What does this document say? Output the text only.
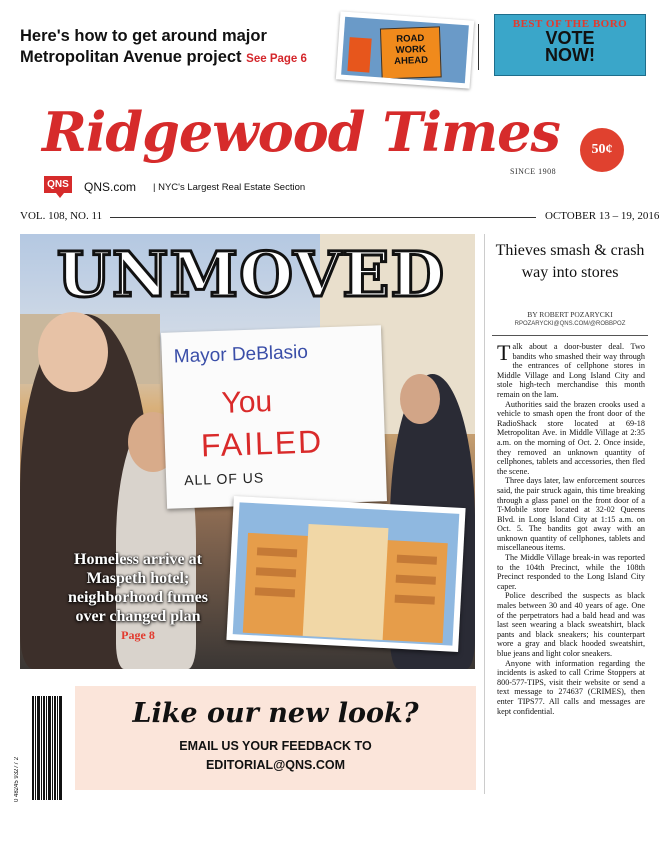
Here's how to get around major Metropolitan Avenue project See Page 6
ROAD WORK AHEAD
BEST OF THE BORO
VOTE
NOW!
Ridgewood Times	50¢
SINCE 1908
QNS QNS.com | NYC's Largest Real Estate Section
VOL. 108, NO. 11	OCTOBER 13 – 19, 2016
UNMOVED
Mayor DeBlasio
You
FAILED
ALL OF US
Homeless arrive at Maspeth hotel; neighborhood fumes over changed plan
Page 8
Thieves smash & crash way into stores
BY ROBERT POZARYCKI
RPOZARYCKI@QNS.COM/@ROBBPOZ

Talk about a door-buster deal. Two bandits who smashed their way through the entrances of cellphone stores in Middle Village and Long Island City and stole high-tech merchandise this month remain on the lam.

Authorities said the brazen crooks used a vehicle to smash open the front door of the RadioShack store located at 69-18 Metropolitan Ave. in Middle Village at 2:35 a.m. on the morning of Oct. 2. Once inside, they removed an unknown quantity of cellphones, tablets and accessories, then fled the scene.

Three days later, law enforcement sources said, the pair struck again, this time breaking through a glass panel on the front door of a T-Mobile store located at 32-02 Queens Blvd. in Long Island City at 1:15 a.m. on Oct. 5. The bandits got away with an unknown quantity of cellphones, tablets and miscellaneous items.

The Middle Village break-in was reported to the 104th Precinct, while the 108th Precinct responded to the Long Island City caper.

Police described the suspects as black males between 30 and 40 years of age. One of the perpetrators had a bald head and was last seen wearing a black sweatshirt, black pants and black sneakers; his counterpart wore a gray and black hooded sweatshirt, blue jeans and light color sneakers.

Anyone with information regarding the incidents is asked to call Crime Stoppers at 800-577-TIPS, visit their website or send a text message to 274637 (CRIMES), then enter TIPS77. All calls and messages are kept confidential.

0 48245 93277 2
Like our new look?
EMAIL US YOUR FEEDBACK TO
EDITORIAL@QNS.COM
